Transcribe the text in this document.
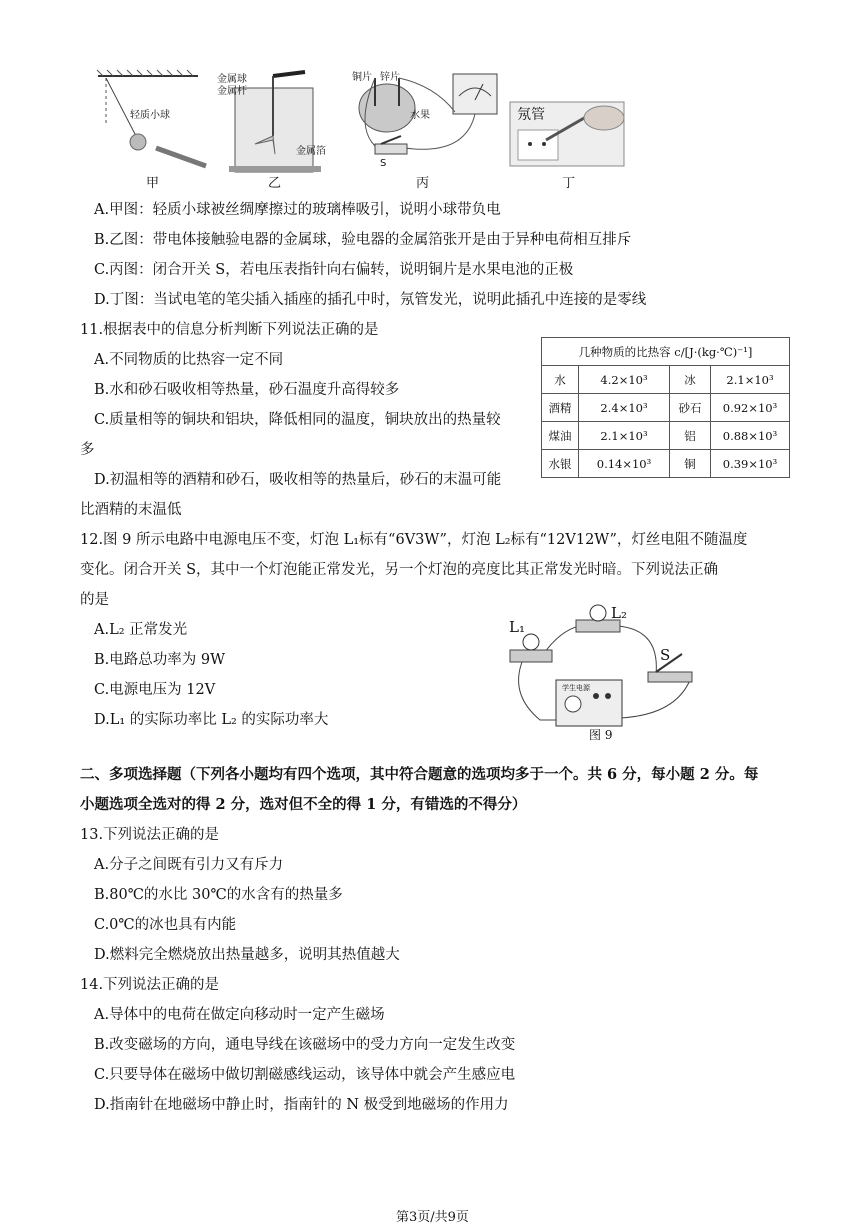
轻质小球
甲
金属球
金属杆
金属箔
乙
铜片 锌片
水果
S
丙
氖管
丁
A.甲图：轻质小球被丝绸摩擦过的玻璃棒吸引，说明小球带负电
B.乙图：带电体接触验电器的金属球，验电器的金属箔张开是由于异种电荷相互排斥
C.丙图：闭合开关 S，若电压表指针向右偏转，说明铜片是水果电池的正极
D.丁图：当试电笔的笔尖插入插座的插孔中时，氖管发光，说明此插孔中连接的是零线
11.根据表中的信息分析判断下列说法正确的是
A.不同物质的比热容一定不同
B.水和砂石吸收相等热量，砂石温度升高得较多
C.质量相等的铜块和铝块，降低相同的温度，铜块放出的热量较
多
D.初温相等的酒精和砂石，吸收相等的热量后，砂石的末温可能
比酒精的末温低
几种物质的比热容 c/[J·(kg·℃)⁻¹]			
水	4.2×10³	冰	2.1×10³
酒精	2.4×10³	砂石	0.92×10³
煤油	2.1×10³	铝	0.88×10³
水银	0.14×10³	铜	0.39×10³
12.图 9 所示电路中电源电压不变，灯泡 L₁标有“6V3W”，灯泡 L₂标有“12V12W”，灯丝电阻不随温度
变化。闭合开关 S，其中一个灯泡能正常发光，另一个灯泡的亮度比其正常发光时暗。下列说法正确
的是
A.L₂ 正常发光
B.电路总功率为 9W
C.电源电压为 12V
D.L₁ 的实际功率比 L₂ 的实际功率大
L₁
L₂
S
学生电源
图 9
二、多项选择题（下列各小题均有四个选项，其中符合题意的选项均多于一个。共 6 分，每小题 2 分。每
小题选项全选对的得 2 分，选对但不全的得 1 分，有错选的不得分）
13.下列说法正确的是
A.分子之间既有引力又有斥力
B.80℃的水比 30℃的水含有的热量多
C.0℃的冰也具有内能
D.燃料完全燃烧放出热量越多，说明其热值越大
14.下列说法正确的是
A.导体中的电荷在做定向移动时一定产生磁场
B.改变磁场的方向，通电导线在该磁场中的受力方向一定发生改变
C.只要导体在磁场中做切割磁感线运动，该导体中就会产生感应电
D.指南针在地磁场中静止时，指南针的 N 极受到地磁场的作用力
第3页/共9页
